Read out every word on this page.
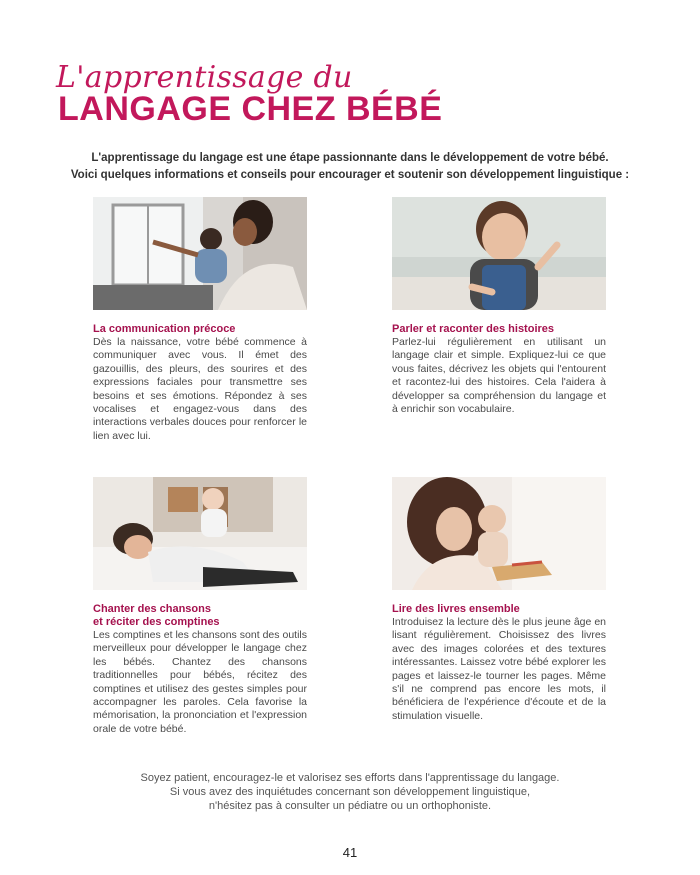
L'apprentissage du
LANGAGE CHEZ BÉBÉ
L'apprentissage du langage est une étape passionnante dans le développement de votre bébé.
Voici quelques informations et conseils pour encourager et soutenir son développement linguistique :
La communication précoce
Dès la naissance, votre bébé commence à communiquer avec vous. Il émet des gazouillis, des pleurs, des sourires et des expressions faciales pour transmettre ses besoins et ses émotions. Répondez à ses vocalises et engagez-vous dans des interactions verbales douces pour renforcer le lien avec lui.
Parler et raconter des histoires
Parlez-lui régulièrement en utilisant un langage clair et simple. Expliquez-lui ce que vous faites, décrivez les objets qui l'entourent et racontez-lui des histoires. Cela l'aidera à développer sa compréhension du langage et à enrichir son vocabulaire.
Chanter des chansons
et réciter des comptines
Les comptines et les chansons sont des outils merveilleux pour développer le langage chez les bébés. Chantez des chansons traditionnelles pour bébés, récitez des comptines et utilisez des gestes simples pour accompagner les paroles. Cela favorise la mémorisation, la prononciation et l'expression orale de votre bébé.
Lire des livres ensemble
Introduisez la lecture dès le plus jeune âge en lisant régulièrement. Choisissez des livres avec des images colorées et des textures intéressantes. Laissez votre bébé explorer les pages et laissez-le tourner les pages. Même s'il ne comprend pas encore les mots, il bénéficiera de l'expérience d'écoute et de la stimulation visuelle.
Soyez patient, encouragez-le et valorisez ses efforts dans l'apprentissage du langage.
Si vous avez des inquiétudes concernant son développement linguistique,
n'hésitez pas à consulter un pédiatre ou un orthophoniste.
41
